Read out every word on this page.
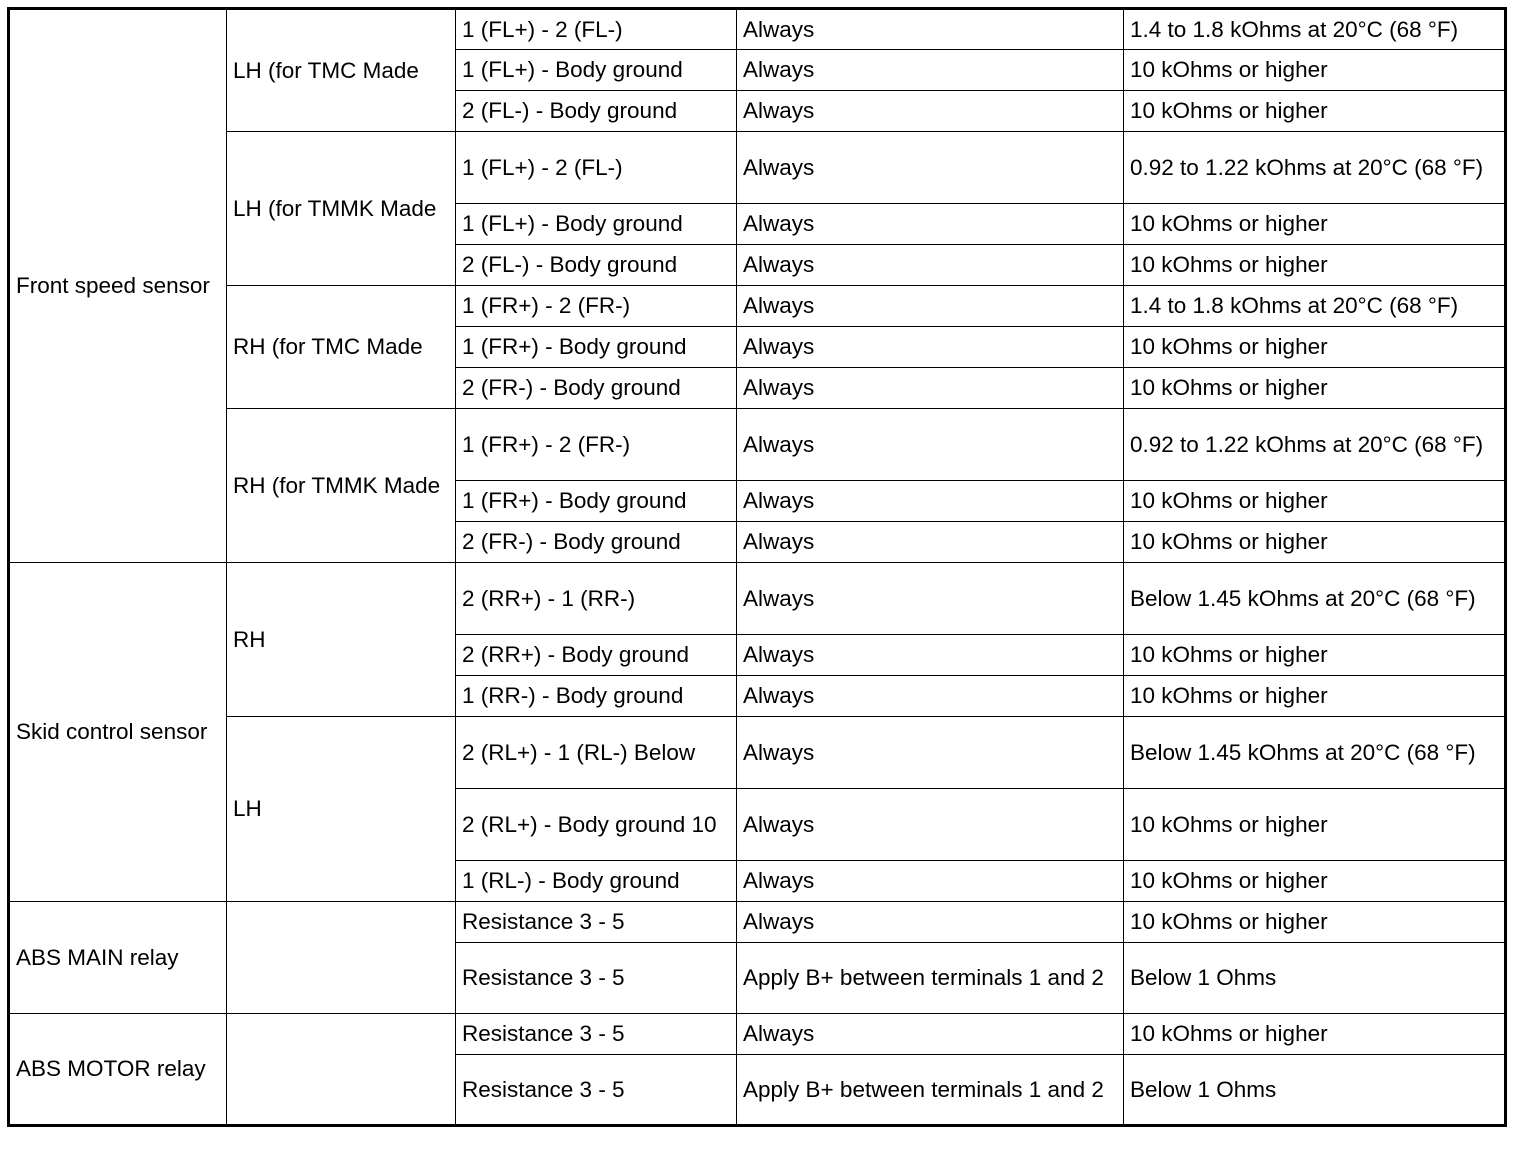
Front speed sensor	LH (for TMC Made	1 (FL+) - 2 (FL-)	Always	1.4 to 1.8 kOhms at 20°C (68 °F)
		1 (FL+) - Body ground	Always	10 kOhms or higher
		2 (FL-) - Body ground	Always	10 kOhms or higher
	LH (for TMMK Made	1 (FL+) - 2 (FL-)	Always	0.92 to 1.22 kOhms at 20°C (68 °F)
		1 (FL+) - Body ground	Always	10 kOhms or higher
		2 (FL-) - Body ground	Always	10 kOhms or higher
	RH (for TMC Made	1 (FR+) - 2 (FR-)	Always	1.4 to 1.8 kOhms at 20°C (68 °F)
		1 (FR+) - Body ground	Always	10 kOhms or higher
		2 (FR-) - Body ground	Always	10 kOhms or higher
	RH (for TMMK Made	1 (FR+) - 2 (FR-)	Always	0.92 to 1.22 kOhms at 20°C (68 °F)
		1 (FR+) - Body ground	Always	10 kOhms or higher
		2 (FR-) - Body ground	Always	10 kOhms or higher
Skid control sensor	RH	2 (RR+) - 1 (RR-)	Always	Below 1.45 kOhms at 20°C (68 °F)
		2 (RR+) - Body ground	Always	10 kOhms or higher
		1 (RR-) - Body ground	Always	10 kOhms or higher
	LH	2 (RL+) - 1 (RL-) Below	Always	Below 1.45 kOhms at 20°C (68 °F)
		2 (RL+) - Body ground 10	Always	10 kOhms or higher
		1 (RL-) - Body ground	Always	10 kOhms or higher
ABS MAIN relay		Resistance 3 - 5	Always	10 kOhms or higher
		Resistance 3 - 5	Apply B+ between terminals 1 and 2	Below 1 Ohms
ABS MOTOR relay		Resistance 3 - 5	Always	10 kOhms or higher
		Resistance 3 - 5	Apply B+ between terminals 1 and 2	Below 1 Ohms
